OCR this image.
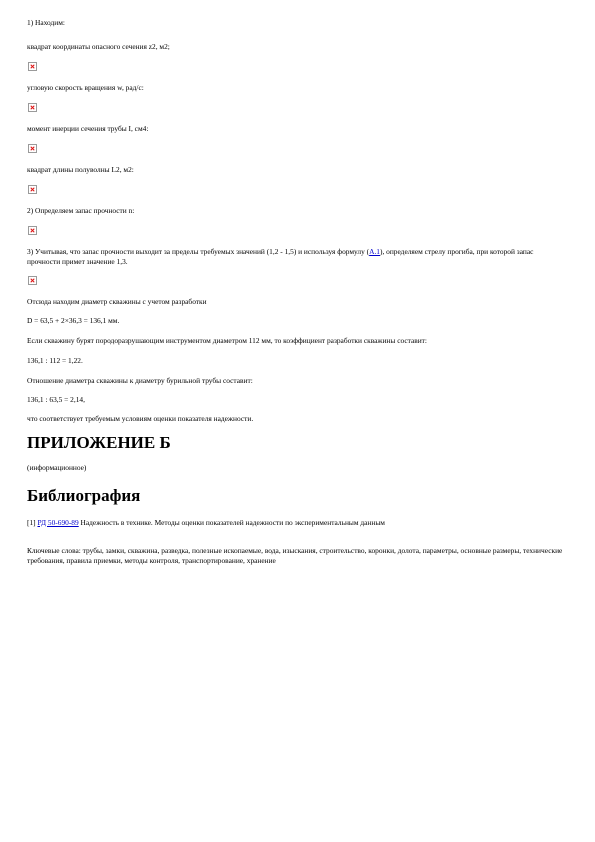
1) Находим:

квадрат координаты опасного сечения z2, м2;

угловую скорость вращения w, рад/с:

момент инерции сечения трубы I, см4:

квадрат длины полуволны L2, м2:

2) Определяем запас прочности n:

3) Учитывая, что запас прочности выходит за пределы требуемых значений (1,2 - 1,5) и используя формулу (А.1), определяем стрелу прогиба, при которой запас прочности примет значение 1,3.

Отсюда находим диаметр скважины с учетом разработки

D = 63,5 + 2×36,3 = 136,1 мм.

Если скважину бурят породоразрушающим инструментом диаметром 112 мм, то коэффициент разработки скважины составит:

136,1 : 112 = 1,22.

Отношение диаметра скважины к диаметру бурильной трубы составит:

136,1 : 63,5 = 2,14,

что соответствует требуемым условиям оценки показателя надежности.

ПРИЛОЖЕНИЕ Б

(информационное)

Библиография

[1] РД 50-690-89 Надежность в технике. Методы оценки показателей надежности по экспериментальным данным

Ключевые слова: трубы, замки, скважина, разведка, полезные ископаемые, вода, изыскания, строительство, коронки, долота, параметры, основные размеры, технические требования, правила приемки, методы контроля, транспортирование, хранение
